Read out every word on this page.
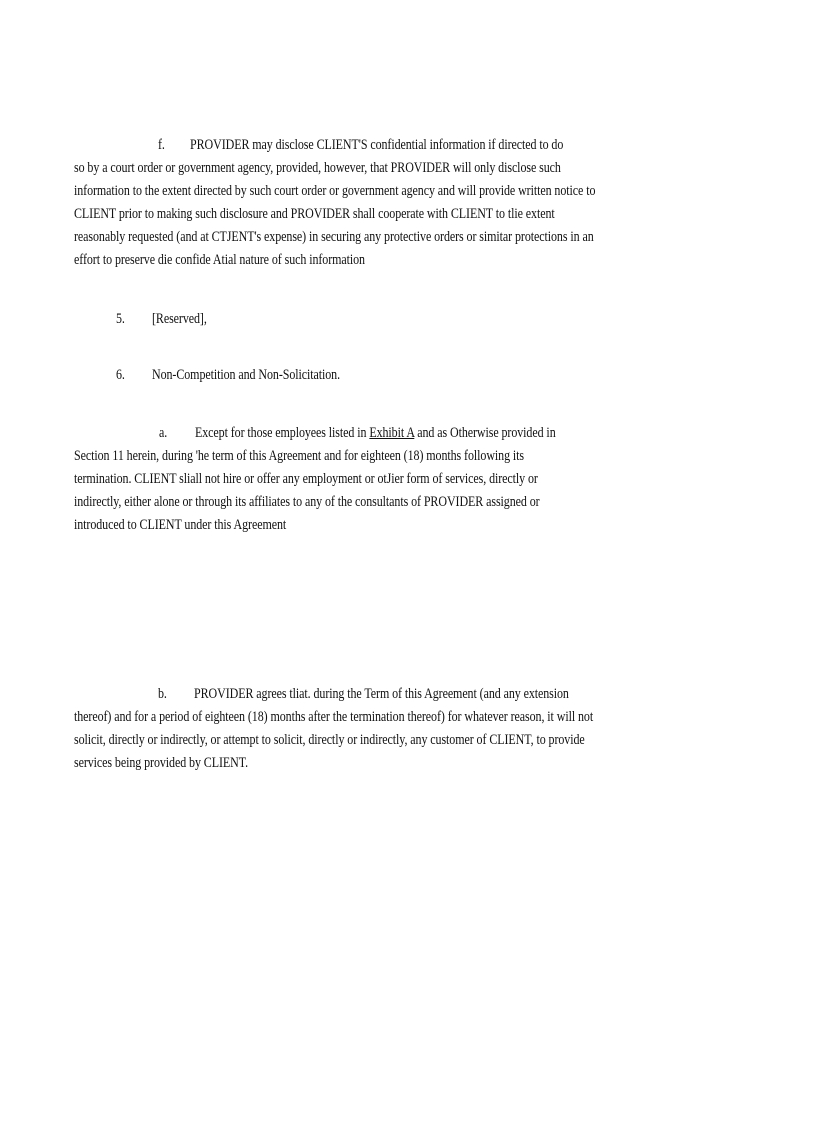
f. PROVIDER may disclose CLIENT'S confidential information if directed to do
so by a court order or government agency, provided, however, that PROVIDER will only disclose such
information to the extent directed by such court order or government agency and will provide written notice to
CLIENT prior to making such disclosure and PROVIDER shall cooperate with CLIENT to tlie extent
reasonably requested (and at CTJENT's expense) in securing any protective orders or simitar protections in an
effort to preserve die confide Atial nature of such information
5. [Reserved],
6. Non-Competition and Non-Solicitation.
a. Except for those employees listed in Exhibit A and as Otherwise provided in
Section 11 herein, during 'he term of this Agreement and for eighteen (18) months following its
termination. CLIENT sliall not hire or offer any employment or otJier form of services, directly or
indirectly, either alone or through its affiliates to any of the consultants of PROVIDER assigned or
introduced to CLIENT under this Agreement
b. PROVIDER agrees tliat. during the Term of this Agreement (and any extension
thereof) and for a period of eighteen (18) months after the termination thereof) for whatever reason, it will not
solicit, directly or indirectly, or attempt to solicit, directly or indirectly, any customer of CLIENT, to provide
services being provided by CLIENT.
